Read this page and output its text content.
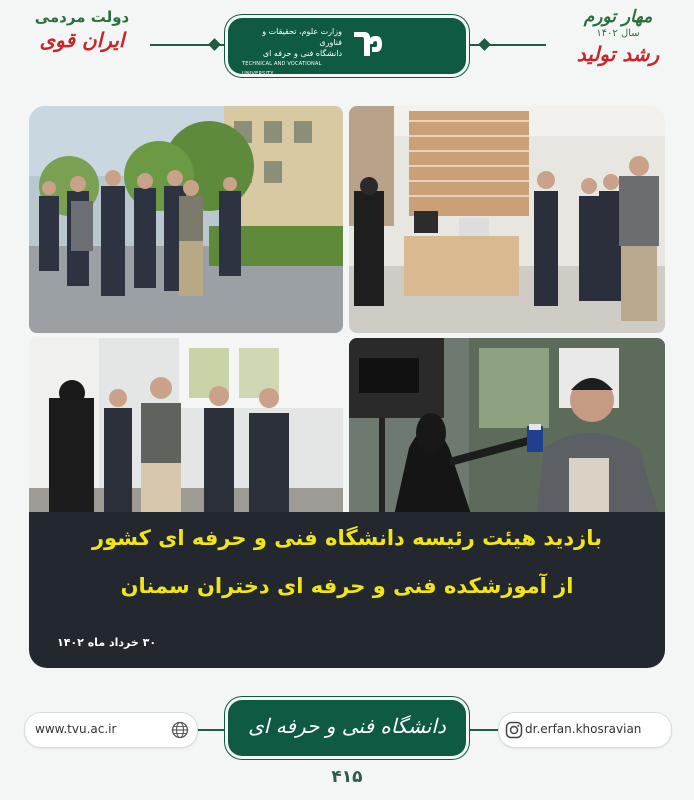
دولت مردمی
ایران قوی	وزارت علوم، تحقیقات و فناوری
دانشگاه فنی و حرفه ای
TECHNICAL AND VOCATIONAL UNIVERSITY
مهار تورم
سال ۱۴۰۲
رشد تولید
بازدید هیئت رئیسه دانشگاه فنی و حرفه ای کشور
از آموزشکده فنی و حرفه ای دختران سمنان
۳۰ خرداد ماه ۱۴۰۲
www.tvu.ac.ir	دانشگاه فنی و حرفه ای	dr.erfan.khosravian
۴۱۵
